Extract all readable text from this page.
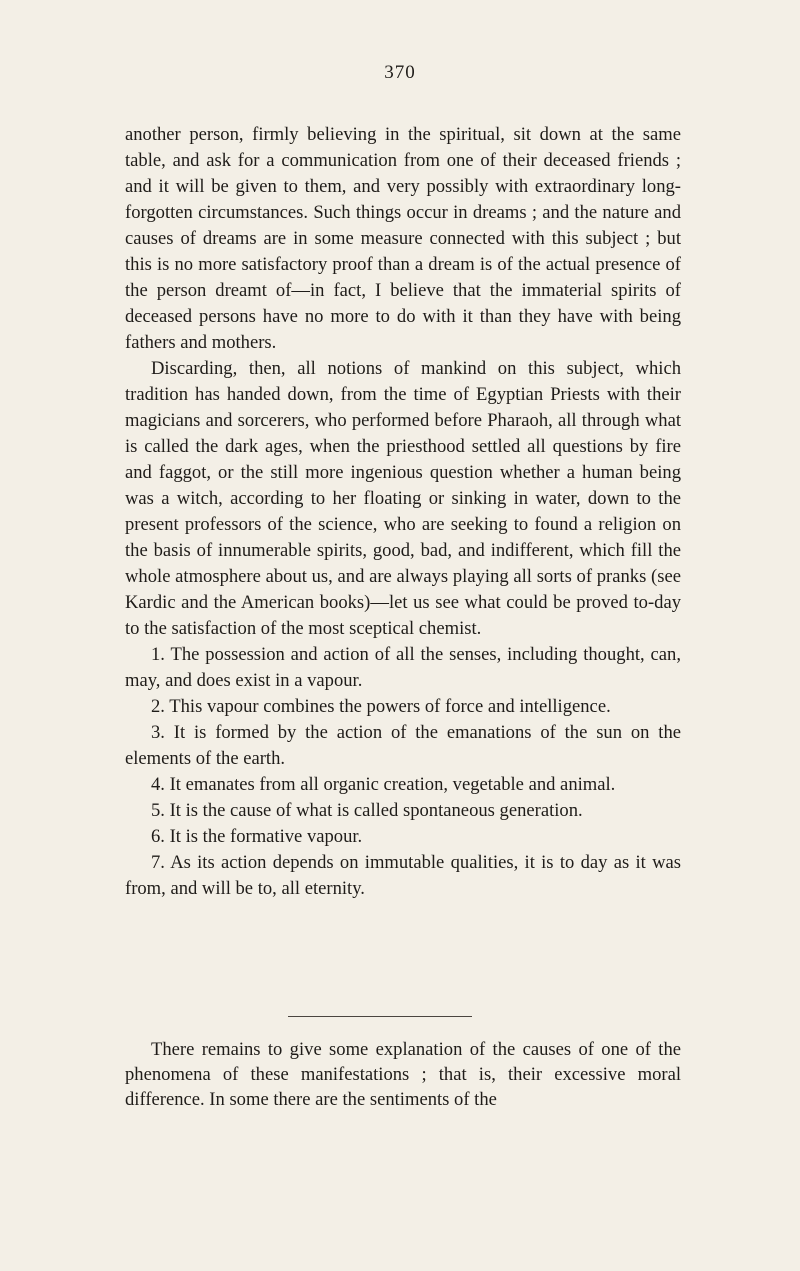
370

another person, firmly believing in the spiritual, sit down at the same table, and ask for a communication from one of their deceased friends ; and it will be given to them, and very possibly with extraordinary long-forgotten circumstances. Such things occur in dreams ; and the nature and causes of dreams are in some measure connected with this subject ; but this is no more satisfactory proof than a dream is of the actual presence of the person dreamt of—in fact, I believe that the immaterial spirits of deceased persons have no more to do with it than they have with being fathers and mothers.

Discarding, then, all notions of mankind on this subject, which tradition has handed down, from the time of Egyptian Priests with their magicians and sorcerers, who performed before Pharaoh, all through what is called the dark ages, when the priesthood settled all questions by fire and faggot, or the still more ingenious question whether a human being was a witch, according to her floating or sinking in water, down to the present professors of the science, who are seeking to found a religion on the basis of innumerable spirits, good, bad, and indifferent, which fill the whole atmosphere about us, and are always playing all sorts of pranks (see Kardic and the American books)—let us see what could be proved to-day to the satisfaction of the most sceptical chemist.

1. The possession and action of all the senses, including thought, can, may, and does exist in a vapour.

2. This vapour combines the powers of force and intelligence.

3. It is formed by the action of the emanations of the sun on the elements of the earth.

4. It emanates from all organic creation, vegetable and animal.

5. It is the cause of what is called spontaneous generation.

6. It is the formative vapour.

7. As its action depends on immutable qualities, it is to day as it was from, and will be to, all eternity.

There remains to give some explanation of the causes of one of the phenomena of these manifestations ; that is, their excessive moral difference. In some there are the sentiments of the
